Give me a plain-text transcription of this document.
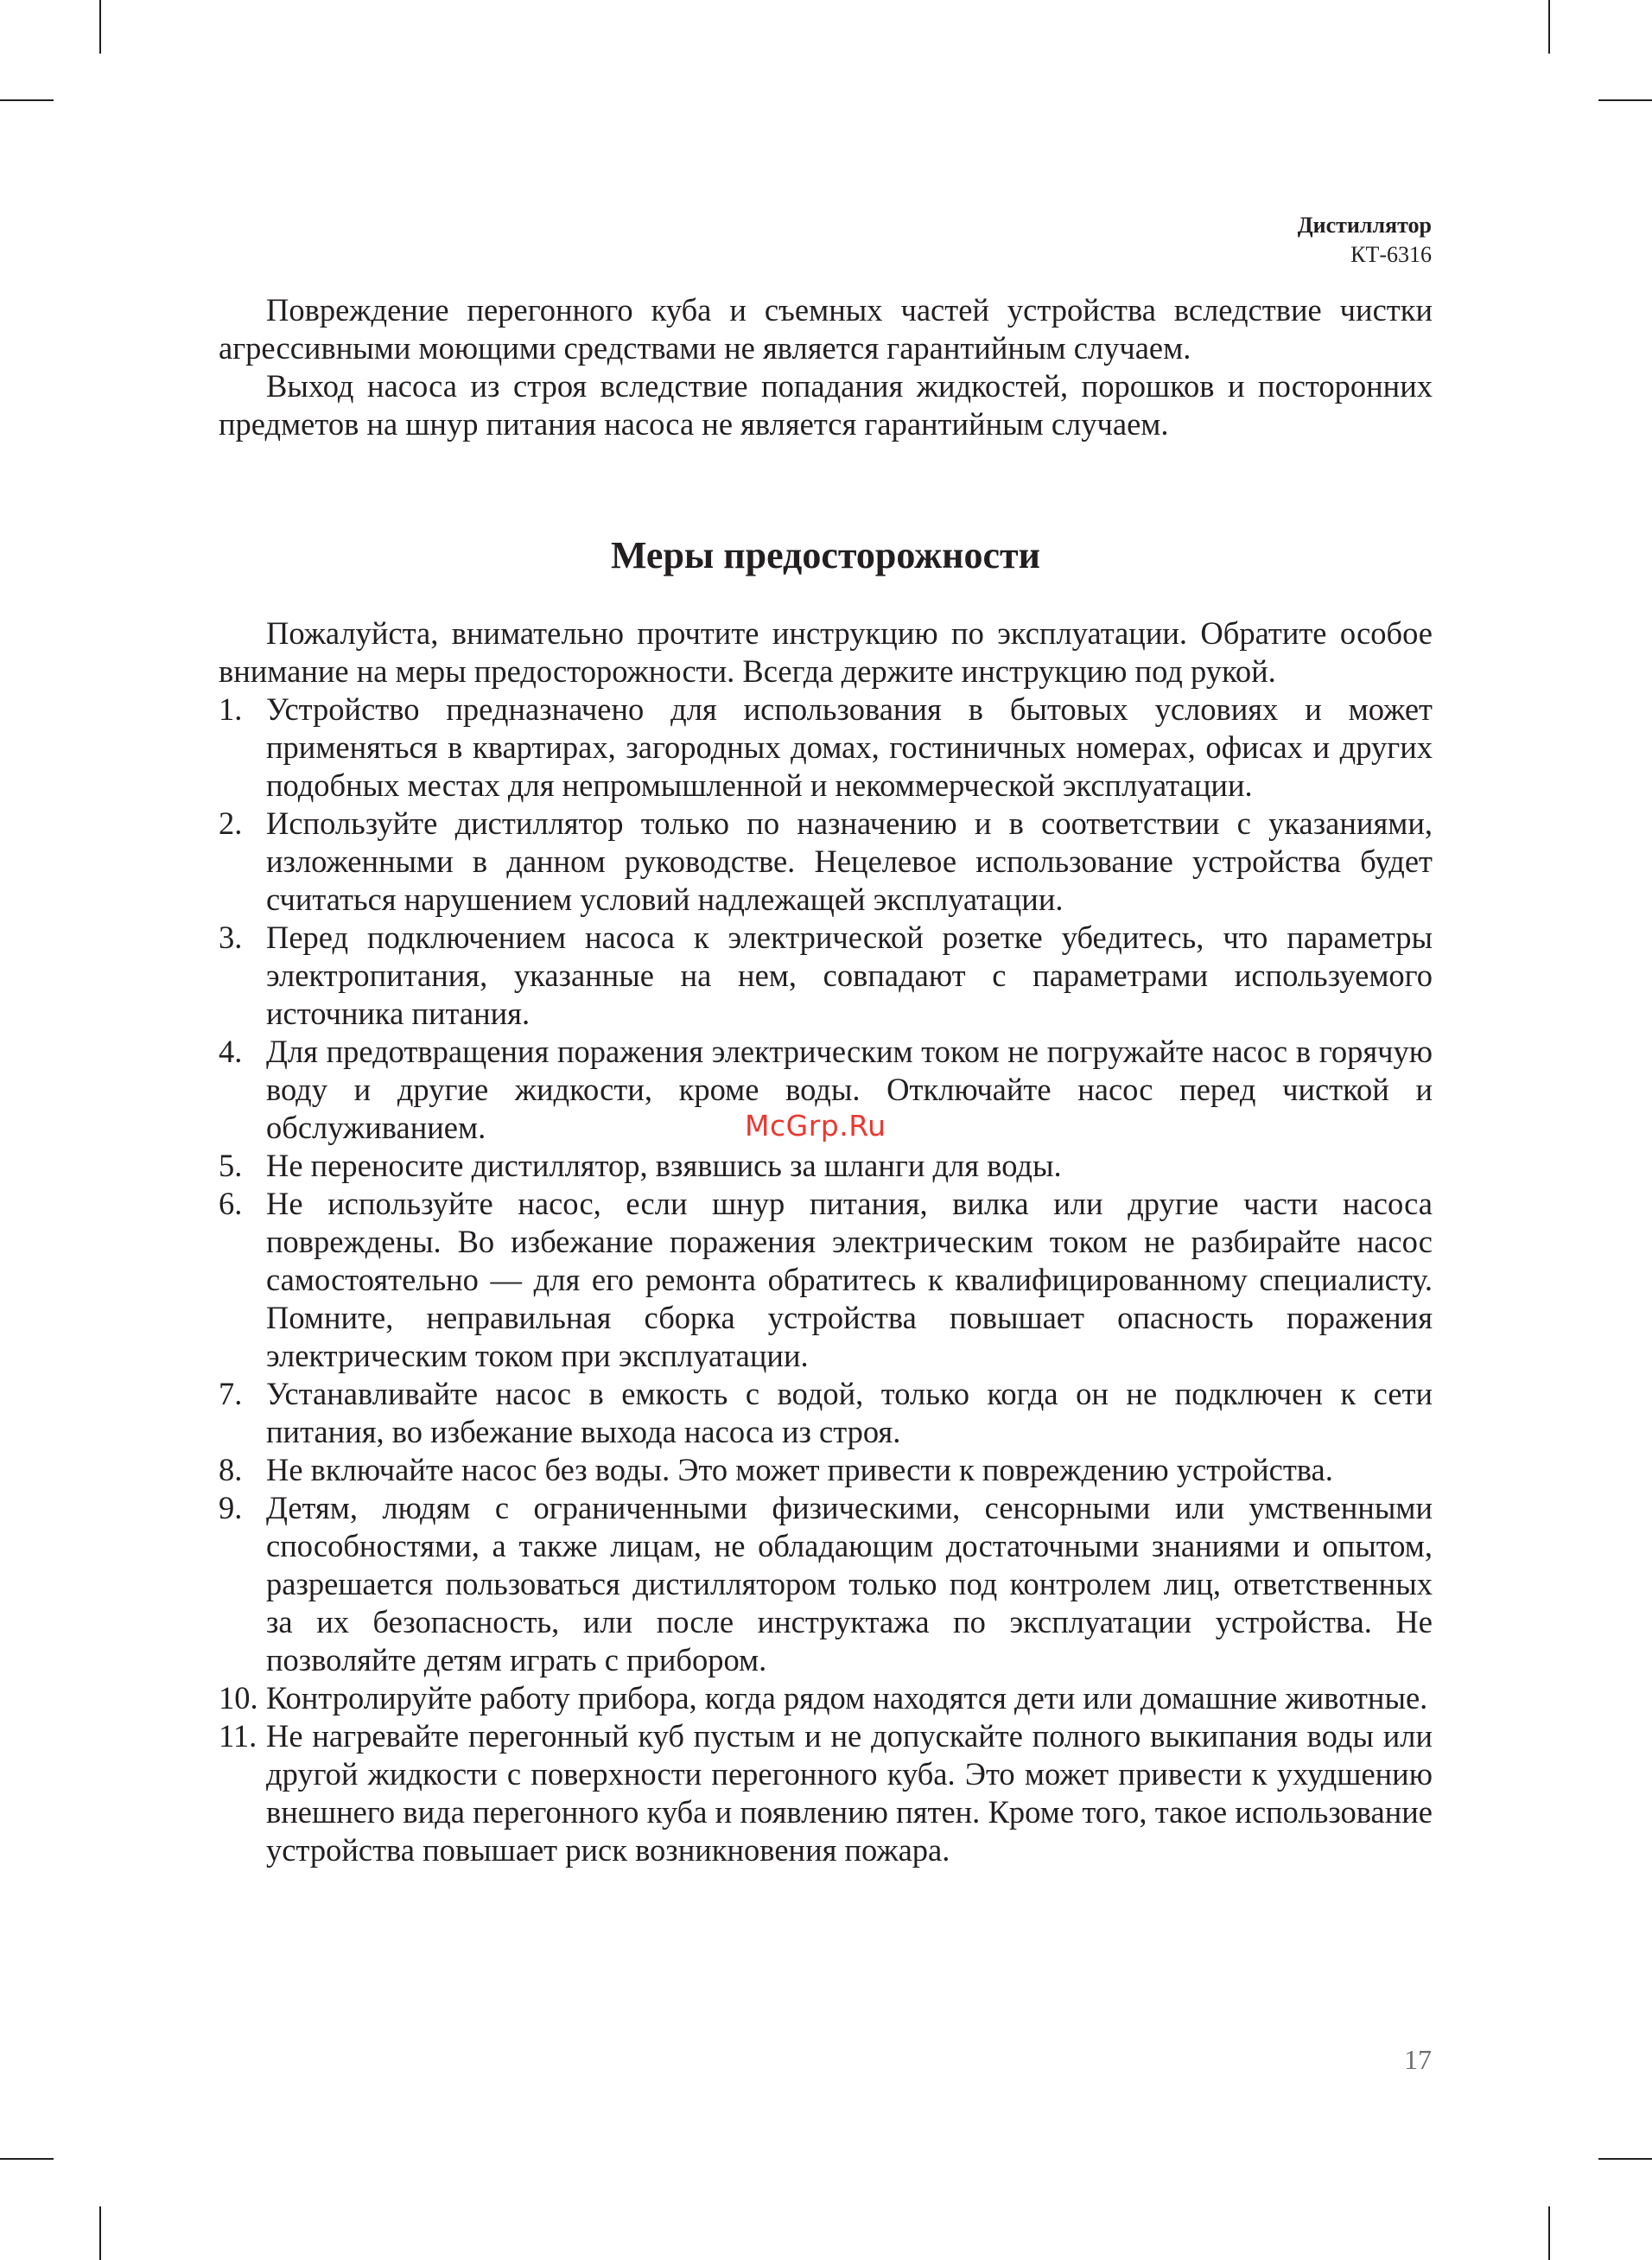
Дистиллятор
КТ-6316

Повреждение перегонного куба и съемных частей устройства вследствие чистки агрессивными моющими средствами не является гарантийным случаем.

Выход насоса из строя вследствие попадания жидкостей, порошков и посторонних предметов на шнур питания насоса не является гарантийным случаем.

Меры предосторожности

Пожалуйста, внимательно прочтите инструкцию по эксплуатации. Обратите особое внимание на меры предосторожности. Всегда держите инструкцию под рукой.

1. Устройство предназначено для использования в бытовых условиях и может применяться в квартирах, загородных домах, гостиничных номерах, офисах и других подобных местах для непромышленной и некоммерческой эксплуатации.
2. Используйте дистиллятор только по назначению и в соответствии с указаниями, изложенными в данном руководстве. Нецелевое использование устройства будет считаться нарушением условий надлежащей эксплуатации.
3. Перед подключением насоса к электрической розетке убедитесь, что параметры электропитания, указанные на нем, совпадают с параметрами используемого источника питания.
4. Для предотвращения поражения электрическим током не погружайте насос в горячую воду и другие жидкости, кроме воды. Отключайте насос перед чисткой и обслуживанием.
5. Не переносите дистиллятор, взявшись за шланги для воды.
6. Не используйте насос, если шнур питания, вилка или другие части насоса повреждены. Во избежание поражения электрическим током не разбирайте насос самостоятельно — для его ремонта обратитесь к квалифицированному специалисту. Помните, неправильная сборка устройства повышает опасность поражения электрическим током при эксплуатации.
7. Устанавливайте насос в емкость с водой, только когда он не подключен к сети питания, во избежание выхода насоса из строя.
8. Не включайте насос без воды. Это может привести к повреждению устройства.
9. Детям, людям с ограниченными физическими, сенсорными или умственными способностями, а также лицам, не обладающим достаточными знаниями и опытом, разрешается пользоваться дистиллятором только под контролем лиц, ответственных за их безопасность, или после инструктажа по эксплуатации устройства. Не позволяйте детям играть с прибором.
10. Контролируйте работу прибора, когда рядом находятся дети или домашние животные.
11. Не нагревайте перегонный куб пустым и не допускайте полного выкипания воды или другой жидкости с поверхности перегонного куба. Это может привести к ухудшению внешнего вида перегонного куба и появлению пятен. Кроме того, такое использование устройства повышает риск возникновения пожара.
McGrp.Ru
17
